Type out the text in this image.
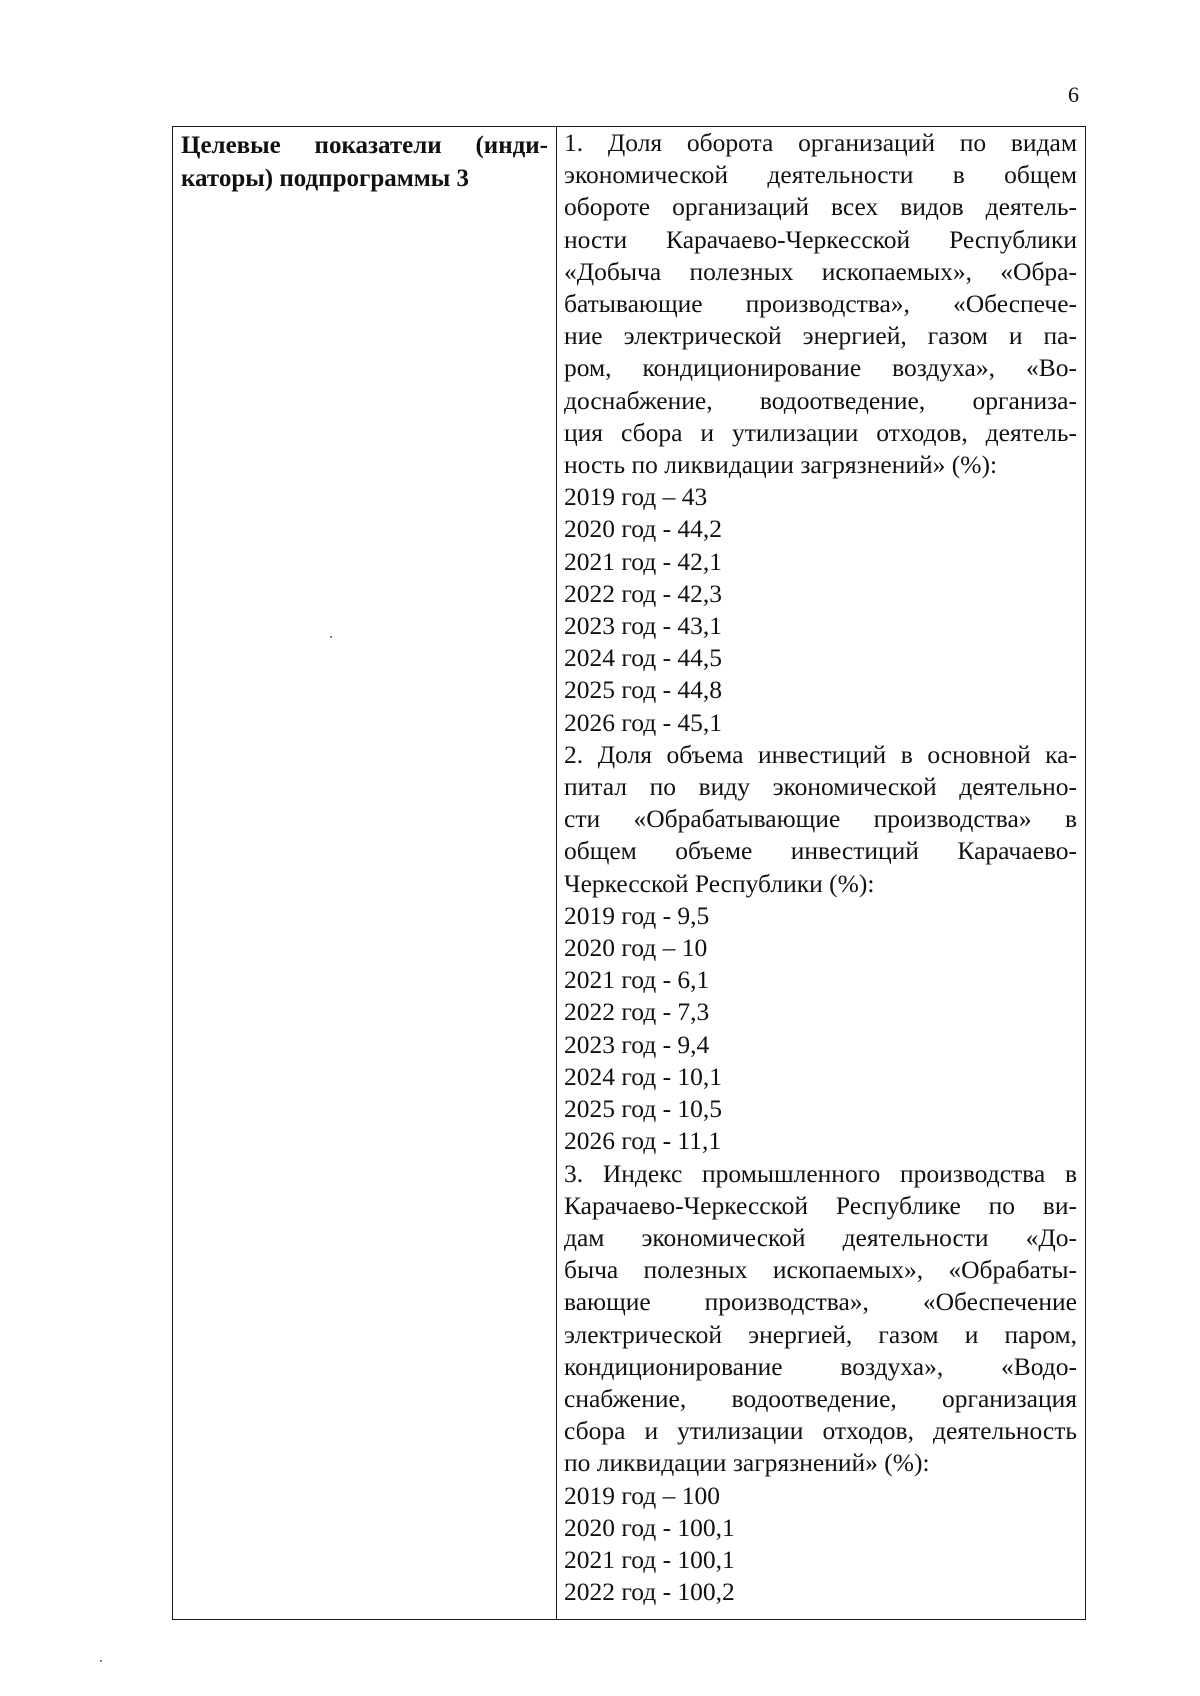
6
Целевые показатели (инди-
каторы) подпрограммы 3
1. Доля оборота организаций по видам
экономической деятельности в общем
обороте организаций всех видов деятель-
ности Карачаево-Черкесской Республики
«Добыча полезных ископаемых», «Обра-
батывающие производства», «Обеспече-
ние электрической энергией, газом и па-
ром, кондиционирование воздуха», «Во-
доснабжение, водоотведение, организа-
ция сбора и утилизации отходов, деятель-
ность по ликвидации загрязнений» (%):
2019 год – 43
2020 год - 44,2
2021 год - 42,1
2022 год - 42,3
2023 год - 43,1
2024 год - 44,5
2025 год - 44,8
2026 год - 45,1
2. Доля объема инвестиций в основной ка-
питал по виду экономической деятельно-
сти «Обрабатывающие производства» в
общем объеме инвестиций Карачаево-
Черкесской Республики (%):
2019 год - 9,5
2020 год – 10
2021 год - 6,1
2022 год - 7,3
2023 год - 9,4
2024 год - 10,1
2025 год - 10,5
2026 год - 11,1
3. Индекс промышленного производства в
Карачаево-Черкесской Республике по ви-
дам экономической деятельности «До-
быча полезных ископаемых», «Обрабаты-
вающие производства», «Обеспечение
электрической энергией, газом и паром,
кондиционирование воздуха», «Водо-
снабжение, водоотведение, организация
сбора и утилизации отходов, деятельность
по ликвидации загрязнений» (%):
2019 год – 100
2020 год - 100,1
2021 год - 100,1
2022 год - 100,2
